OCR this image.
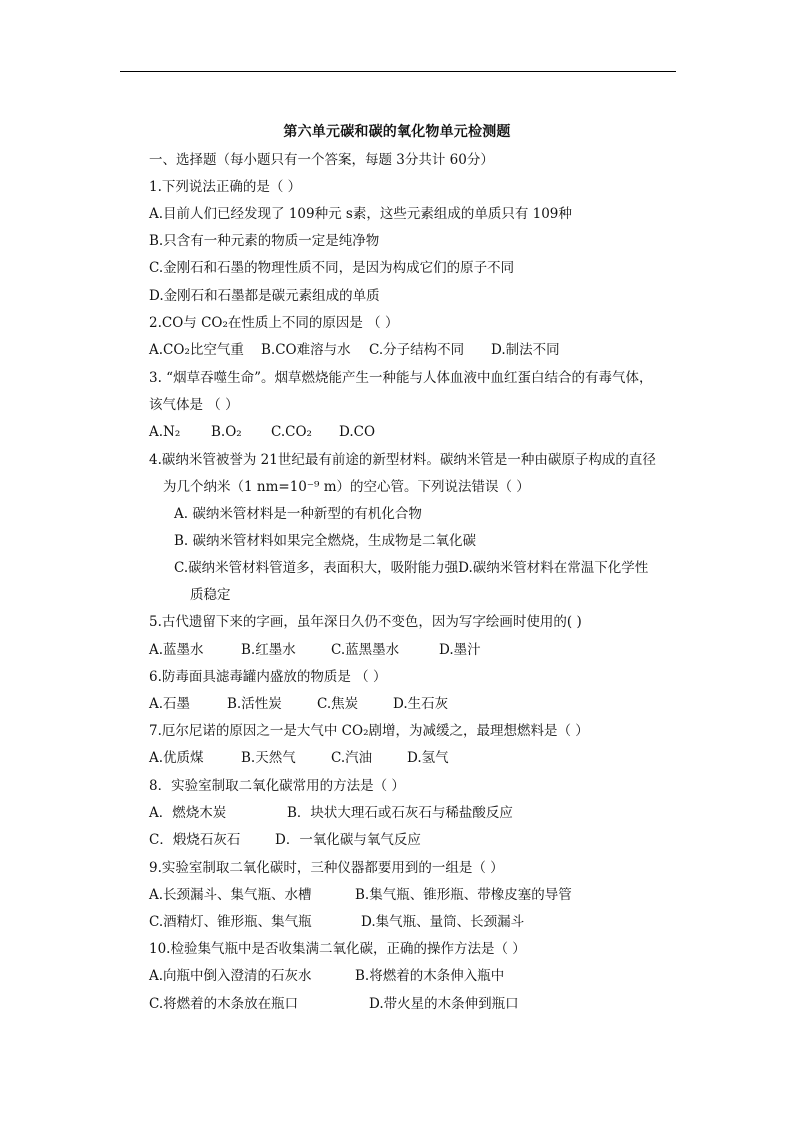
第六单元碳和碳的氧化物单元检测题
一、选择题（每小题只有一个答案，每题 3分共计 60分）
1.下列说法正确的是（ ）
A.目前人们已经发现了 109种元 s素，这些元素组成的单质只有 109种
B.只含有一种元素的物质一定是纯净物
C.金刚石和石墨的物理性质不同，是因为构成它们的原子不同
D.金刚石和石墨都是碳元素组成的单质
2.CO与 CO₂在性质上不同的原因是 （ ）
A.CO₂比空气重 B.CO难溶与水 C.分子结构不同 D.制法不同
3. “烟草吞噬生命”。烟草燃烧能产生一种能与人体血液中血红蛋白结合的有毒气体，
该气体是 （ ）
A.N₂ B.O₂ C.CO₂ D.CO
4.碳纳米管被誉为 21世纪最有前途的新型材料。碳纳米管是一种由碳原子构成的直径
为几个纳米（1 nm=10⁻⁹ m）的空心管。下列说法错误（ ）
A. 碳纳米管材料是一种新型的有机化合物
B. 碳纳米管材料如果完全燃烧，生成物是二氧化碳
C.碳纳米管材料管道多，表面积大，吸附能力强D.碳纳米管材料在常温下化学性
质稳定
5.古代遗留下来的字画，虽年深日久仍不变色，因为写字绘画时使用的( )
A.蓝墨水	B.红墨水	C.蓝黑墨水	D.墨汁
6.防毒面具滤毒罐内盛放的物质是 （ ）
A.石墨	B.活性炭	C.焦炭	D.生石灰
7.厄尔尼诺的原因之一是大气中 CO₂剧增，为减缓之，最理想燃料是（ ）
A.优质煤	B.天然气	C.汽油	D.氢气
8．实验室制取二氧化碳常用的方法是（ ）
A．燃烧木炭	B．块状大理石或石灰石与稀盐酸反应
C．煅烧石灰石	D．一氧化碳与氧气反应
9.实验室制取二氧化碳时，三种仪器都要用到的一组是（ ）
A.长颈漏斗、集气瓶、水槽	B.集气瓶、锥形瓶、带橡皮塞的导管
C.酒精灯、锥形瓶、集气瓶	D.集气瓶、量筒、长颈漏斗
10.检验集气瓶中是否收集满二氧化碳，正确的操作方法是（ ）
A.向瓶中倒入澄清的石灰水	B.将燃着的木条伸入瓶中
C.将燃着的木条放在瓶口	D.带火星的木条伸到瓶口
